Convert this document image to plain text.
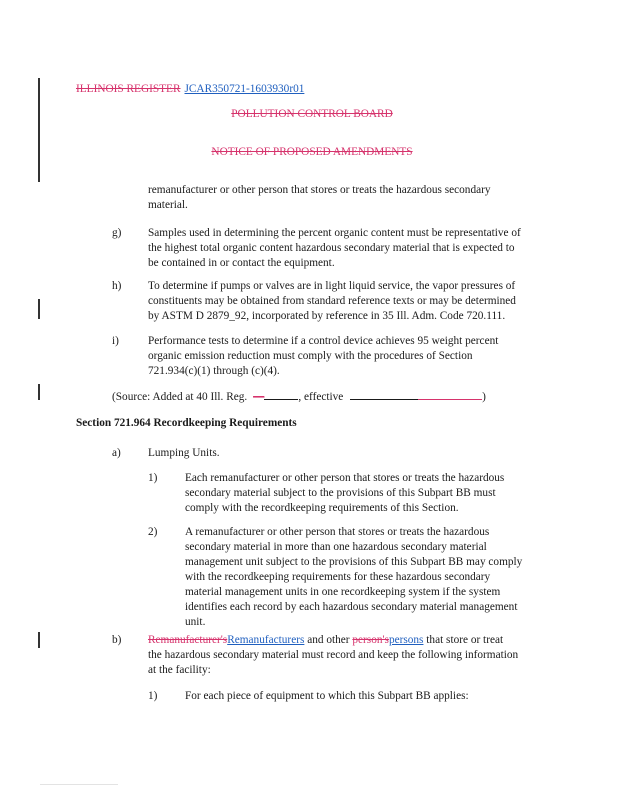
ILLINOIS REGISTER JCAR350721-1603930r01
POLLUTION CONTROL BOARD
NOTICE OF PROPOSED AMENDMENTS
remanufacturer or other person that stores or treats the hazardous secondary
material.
g) Samples used in determining the percent organic content must be representative of
the highest total organic content hazardous secondary material that is expected to
be contained in or contact the equipment.
h) To determine if pumps or valves are in light liquid service, the vapor pressures of
constituents may be obtained from standard reference texts or may be determined
by ASTM D 2879_92, incorporated by reference in 35 Ill. Adm. Code 720.111.
i)	Performance tests to determine if a control device achieves 95 weight percent
organic emission reduction must comply with the procedures of Section
721.934(c)(1) through (c)(4).
(Source: Added at 40 Ill. Reg. —	, effective	)
Section 721.964 Recordkeeping Requirements
a) Lumping Units.
1) Each remanufacturer or other person that stores or treats the hazardous
secondary material subject to the provisions of this Subpart BB must
comply with the recordkeeping requirements of this Section.
2) A remanufacturer or other person that stores or treats the hazardous
secondary material in more than one hazardous secondary material
management unit subject to the provisions of this Subpart BB may comply
with the recordkeeping requirements for these hazardous secondary
material management units in one recordkeeping system if the system
identifies each record by each hazardous secondary material management
unit.
b) Remanufacturer'sRemanufacturers and other person'spersons that store or treat
the hazardous secondary material must record and keep the following information
at the facility:
1) For each piece of equipment to which this Subpart BB applies:
